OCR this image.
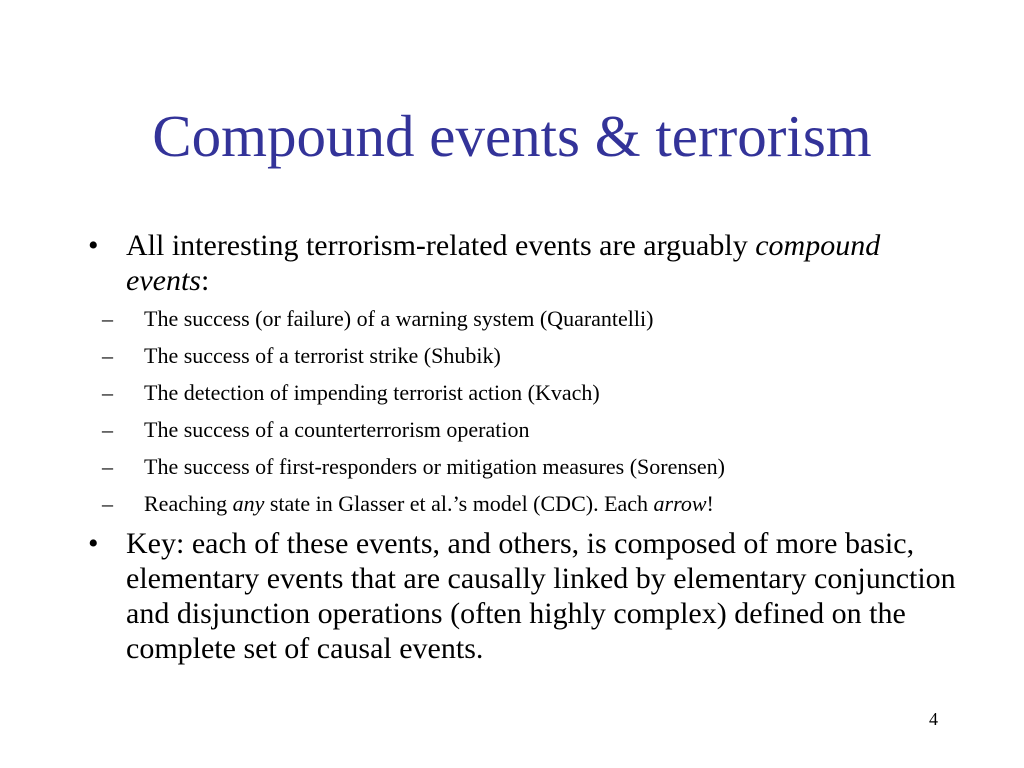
Compound events & terrorism
• All interesting terrorism-related events are arguably compound events:
– The success (or failure) of a warning system (Quarantelli)
– The success of a terrorist strike (Shubik)
– The detection of impending terrorist action (Kvach)
– The success of a counterterrorism operation
– The success of first-responders or mitigation measures (Sorensen)
– Reaching any state in Glasser et al.’s model (CDC). Each arrow!
• Key: each of these events, and others, is composed of more basic, elementary events that are causally linked by elementary conjunction and disjunction operations (often highly complex) defined on the complete set of causal events.
4
